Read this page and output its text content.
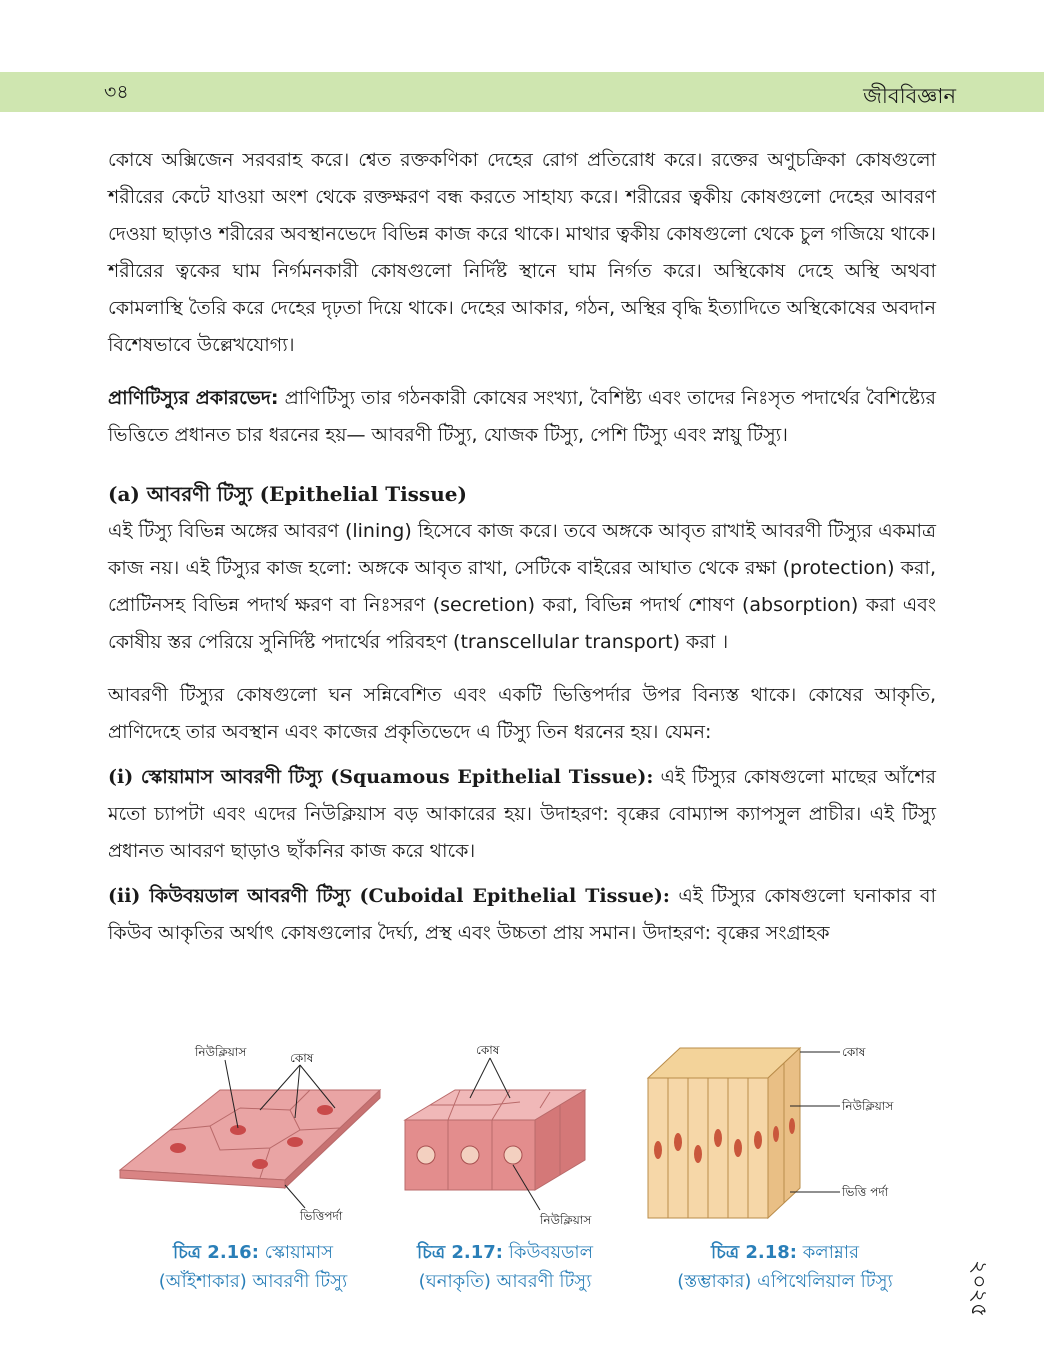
৩৪	জীববিজ্ঞান

কোষে অক্সিজেন সরবরাহ করে। শ্বেত রক্তকণিকা দেহের রোগ প্রতিরোধ করে। রক্তের অণুচক্রিকা কোষগুলো শরীরের কেটে যাওয়া অংশ থেকে রক্তক্ষরণ বন্ধ করতে সাহায্য করে। শরীরের ত্বকীয় কোষগুলো দেহের আবরণ দেওয়া ছাড়াও শরীরের অবস্থানভেদে বিভিন্ন কাজ করে থাকে। মাথার ত্বকীয় কোষগুলো থেকে চুল গজিয়ে থাকে। শরীরের ত্বকের ঘাম নির্গমনকারী কোষগুলো নির্দিষ্ট স্থানে ঘাম নির্গত করে। অস্থিকোষ দেহে অস্থি অথবা কোমলাস্থি তৈরি করে দেহের দৃঢ়তা দিয়ে থাকে। দেহের আকার, গঠন, অস্থির বৃদ্ধি ইত্যাদিতে অস্থিকোষের অবদান বিশেষভাবে উল্লেখযোগ্য।

প্রাণিটিস্যুর প্রকারভেদ: প্রাণিটিস্যু তার গঠনকারী কোষের সংখ্যা, বৈশিষ্ট্য এবং তাদের নিঃসৃত পদার্থের বৈশিষ্ট্যের ভিত্তিতে প্রধানত চার ধরনের হয়— আবরণী টিস্যু, যোজক টিস্যু, পেশি টিস্যু এবং স্নায়ু টিস্যু।

(a) আবরণী টিস্যু (Epithelial Tissue)

এই টিস্যু বিভিন্ন অঙ্গের আবরণ (lining) হিসেবে কাজ করে। তবে অঙ্গকে আবৃত রাখাই আবরণী টিস্যুর একমাত্র কাজ নয়। এই টিস্যুর কাজ হলো: অঙ্গকে আবৃত রাখা, সেটিকে বাইরের আঘাত থেকে রক্ষা (protection) করা, প্রোটিনসহ বিভিন্ন পদার্থ ক্ষরণ বা নিঃসরণ (secretion) করা, বিভিন্ন পদার্থ শোষণ (absorption) করা এবং কোষীয় স্তর পেরিয়ে সুনির্দিষ্ট পদার্থের পরিবহণ (transcellular transport) করা ।

আবরণী টিস্যুর কোষগুলো ঘন সন্নিবেশিত এবং একটি ভিত্তিপর্দার উপর বিন্যস্ত থাকে। কোষের আকৃতি, প্রাণিদেহে তার অবস্থান এবং কাজের প্রকৃতিভেদে এ টিস্যু তিন ধরনের হয়। যেমন:

(i) স্কোয়ামাস আবরণী টিস্যু (Squamous Epithelial Tissue): এই টিস্যুর কোষগুলো মাছের আঁশের মতো চ্যাপটা এবং এদের নিউক্লিয়াস বড় আকারের হয়। উদাহরণ: বৃক্কের বোম্যান্স ক্যাপসুল প্রাচীর। এই টিস্যু প্রধানত আবরণ ছাড়াও ছাঁকনির কাজ করে থাকে।

(ii) কিউবয়ডাল আবরণী টিস্যু (Cuboidal Epithelial Tissue): এই টিস্যুর কোষগুলো ঘনাকার বা কিউব আকৃতির অর্থাৎ কোষগুলোর দৈর্ঘ্য, প্রস্থ এবং উচ্চতা প্রায় সমান। উদাহরণ: বৃক্কের সংগ্রাহক

নিউক্লিয়াস	কোষ
ভিত্তিপর্দা
কোষ
নিউক্লিয়াস
কোষ
নিউক্লিয়াস
ভিত্তি পর্দা
চিত্র 2.16: স্কোয়ামাস
(আঁইশাকার) আবরণী টিস্যু
চিত্র 2.17: কিউবয়ডাল
(ঘনাকৃতি) আবরণী টিস্যু
চিত্র 2.18: কলাম্নার
(স্তম্ভাকার) এপিথেলিয়াল টিস্যু	২০২৫
